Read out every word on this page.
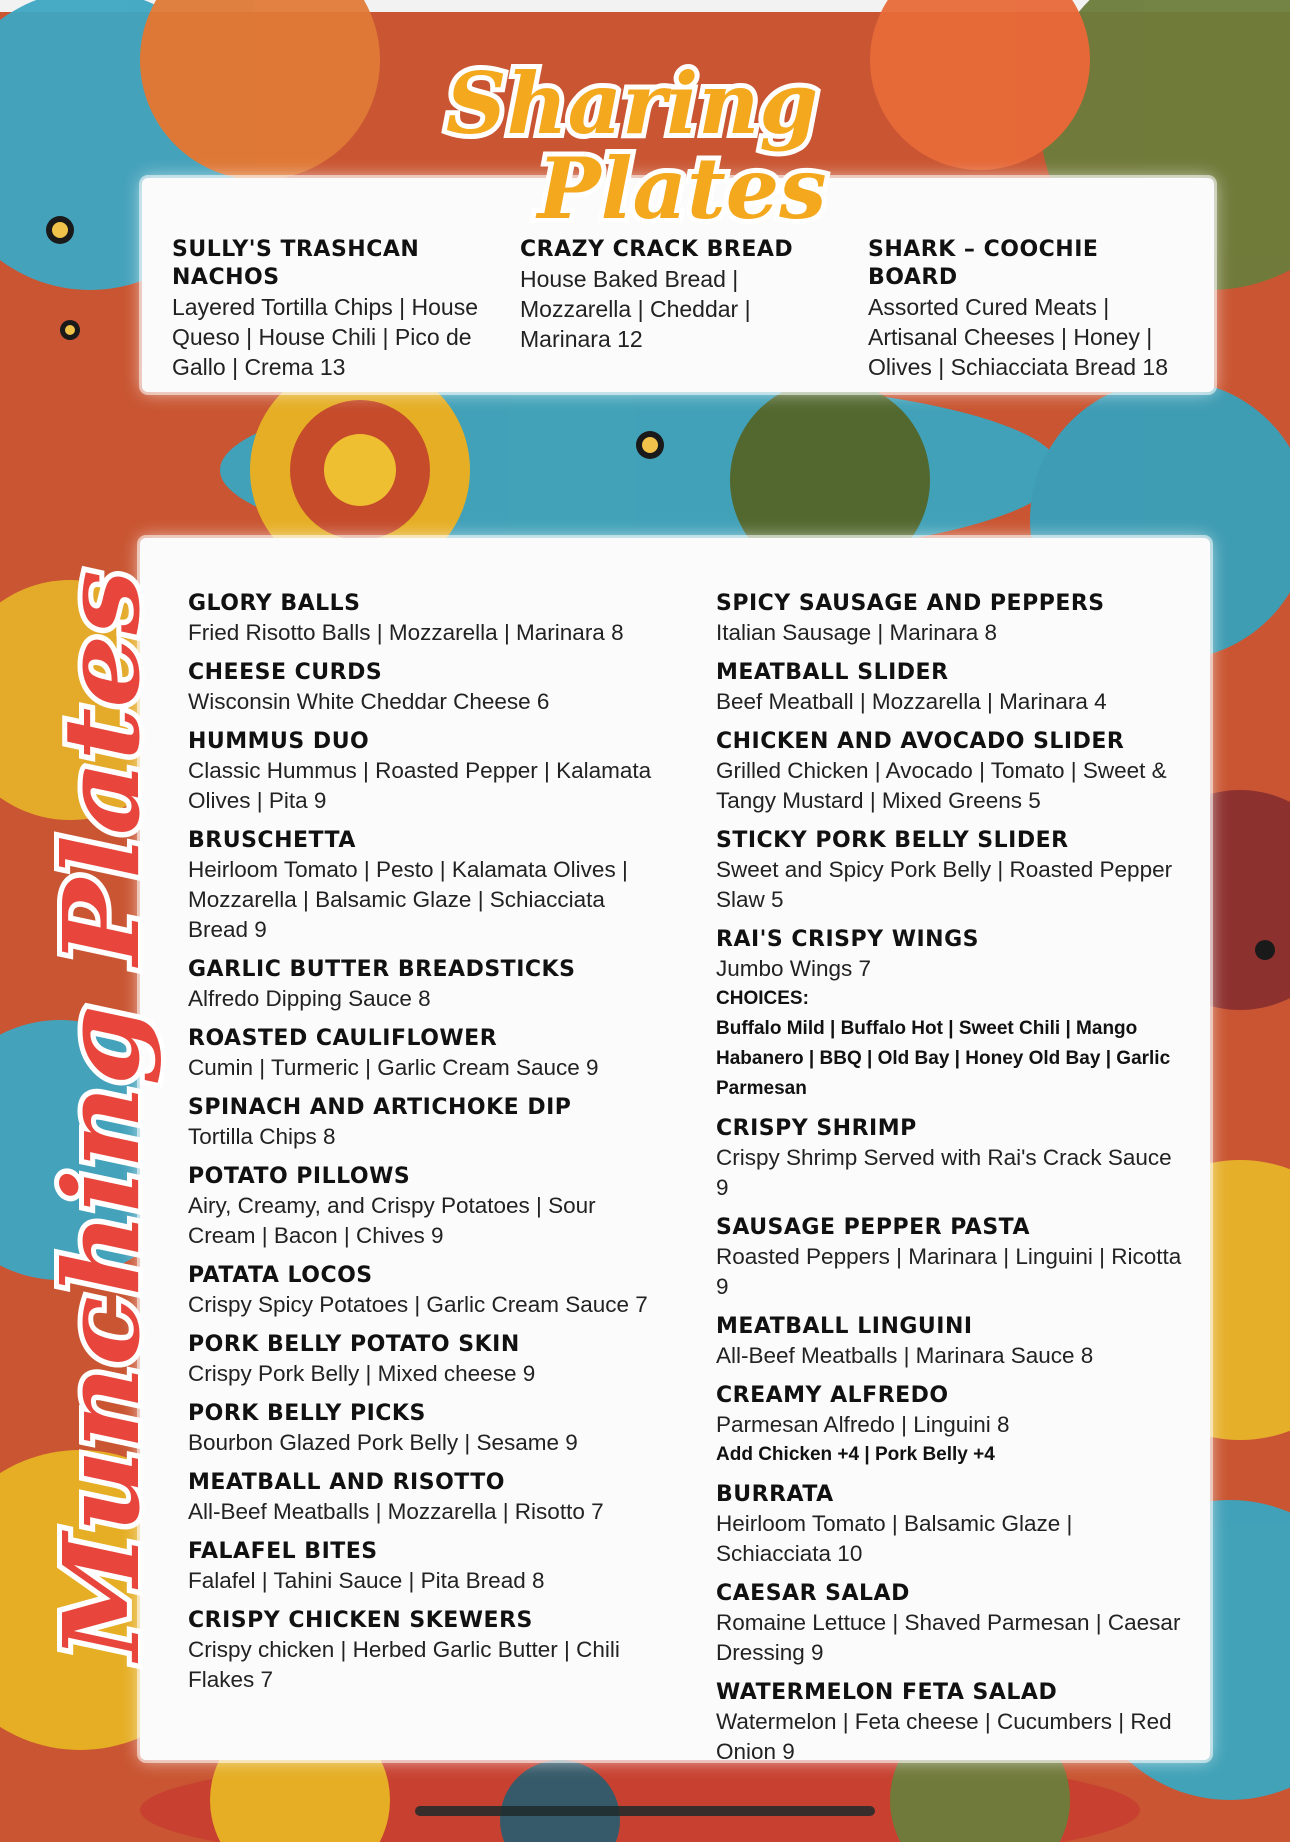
SULLY'S TRASHCAN NACHOS

Layered Tortilla Chips | House Queso | House Chili | Pico de Gallo | Crema 13

CRAZY CRACK BREAD

House Baked Bread | Mozzarella | Cheddar | Marinara 12

SHARK – COOCHIE BOARD

Assorted Cured Meats | Artisanal Cheeses | Honey | Olives | Schiacciata Bread 18

Sharing
Plates

GLORY BALLS

Fried Risotto Balls | Mozzarella | Marinara 8

CHEESE CURDS

Wisconsin White Cheddar Cheese 6

HUMMUS DUO

Classic Hummus | Roasted Pepper | Kalamata Olives | Pita 9

BRUSCHETTA

Heirloom Tomato | Pesto | Kalamata Olives | Mozzarella | Balsamic Glaze | Schiacciata Bread 9

GARLIC BUTTER BREADSTICKS

Alfredo Dipping Sauce 8

ROASTED CAULIFLOWER

Cumin | Turmeric | Garlic Cream Sauce 9

SPINACH AND ARTICHOKE DIP

Tortilla Chips 8

POTATO PILLOWS

Airy, Creamy, and Crispy Potatoes | Sour Cream | Bacon | Chives 9

PATATA LOCOS

Crispy Spicy Potatoes | Garlic Cream Sauce 7

PORK BELLY POTATO SKIN

Crispy Pork Belly | Mixed cheese 9

PORK BELLY PICKS

Bourbon Glazed Pork Belly | Sesame 9

MEATBALL AND RISOTTO

All-Beef Meatballs | Mozzarella | Risotto 7

FALAFEL BITES

Falafel | Tahini Sauce | Pita Bread 8

CRISPY CHICKEN SKEWERS

Crispy chicken | Herbed Garlic Butter | Chili Flakes 7

SPICY SAUSAGE AND PEPPERS

Italian Sausage | Marinara 8

MEATBALL SLIDER

Beef Meatball | Mozzarella | Marinara 4

CHICKEN AND AVOCADO SLIDER

Grilled Chicken | Avocado | Tomato | Sweet & Tangy Mustard | Mixed Greens 5

STICKY PORK BELLY SLIDER

Sweet and Spicy Pork Belly | Roasted Pepper Slaw 5

RAI'S CRISPY WINGS

Jumbo Wings 7

CHOICES:

Buffalo Mild | Buffalo Hot | Sweet Chili | Mango Habanero | BBQ | Old Bay | Honey Old Bay | Garlic Parmesan

CRISPY SHRIMP

Crispy Shrimp Served with Rai's Crack Sauce 9

SAUSAGE PEPPER PASTA

Roasted Peppers | Marinara | Linguini | Ricotta 9

MEATBALL LINGUINI

All-Beef Meatballs | Marinara Sauce 8

CREAMY ALFREDO

Parmesan Alfredo | Linguini 8

Add Chicken +4 | Pork Belly +4

BURRATA

Heirloom Tomato | Balsamic Glaze | Schiacciata 10

CAESAR SALAD

Romaine Lettuce | Shaved Parmesan | Caesar Dressing 9

WATERMELON FETA SALAD

Watermelon | Feta cheese | Cucumbers | Red Onion 9

Munching Plates
